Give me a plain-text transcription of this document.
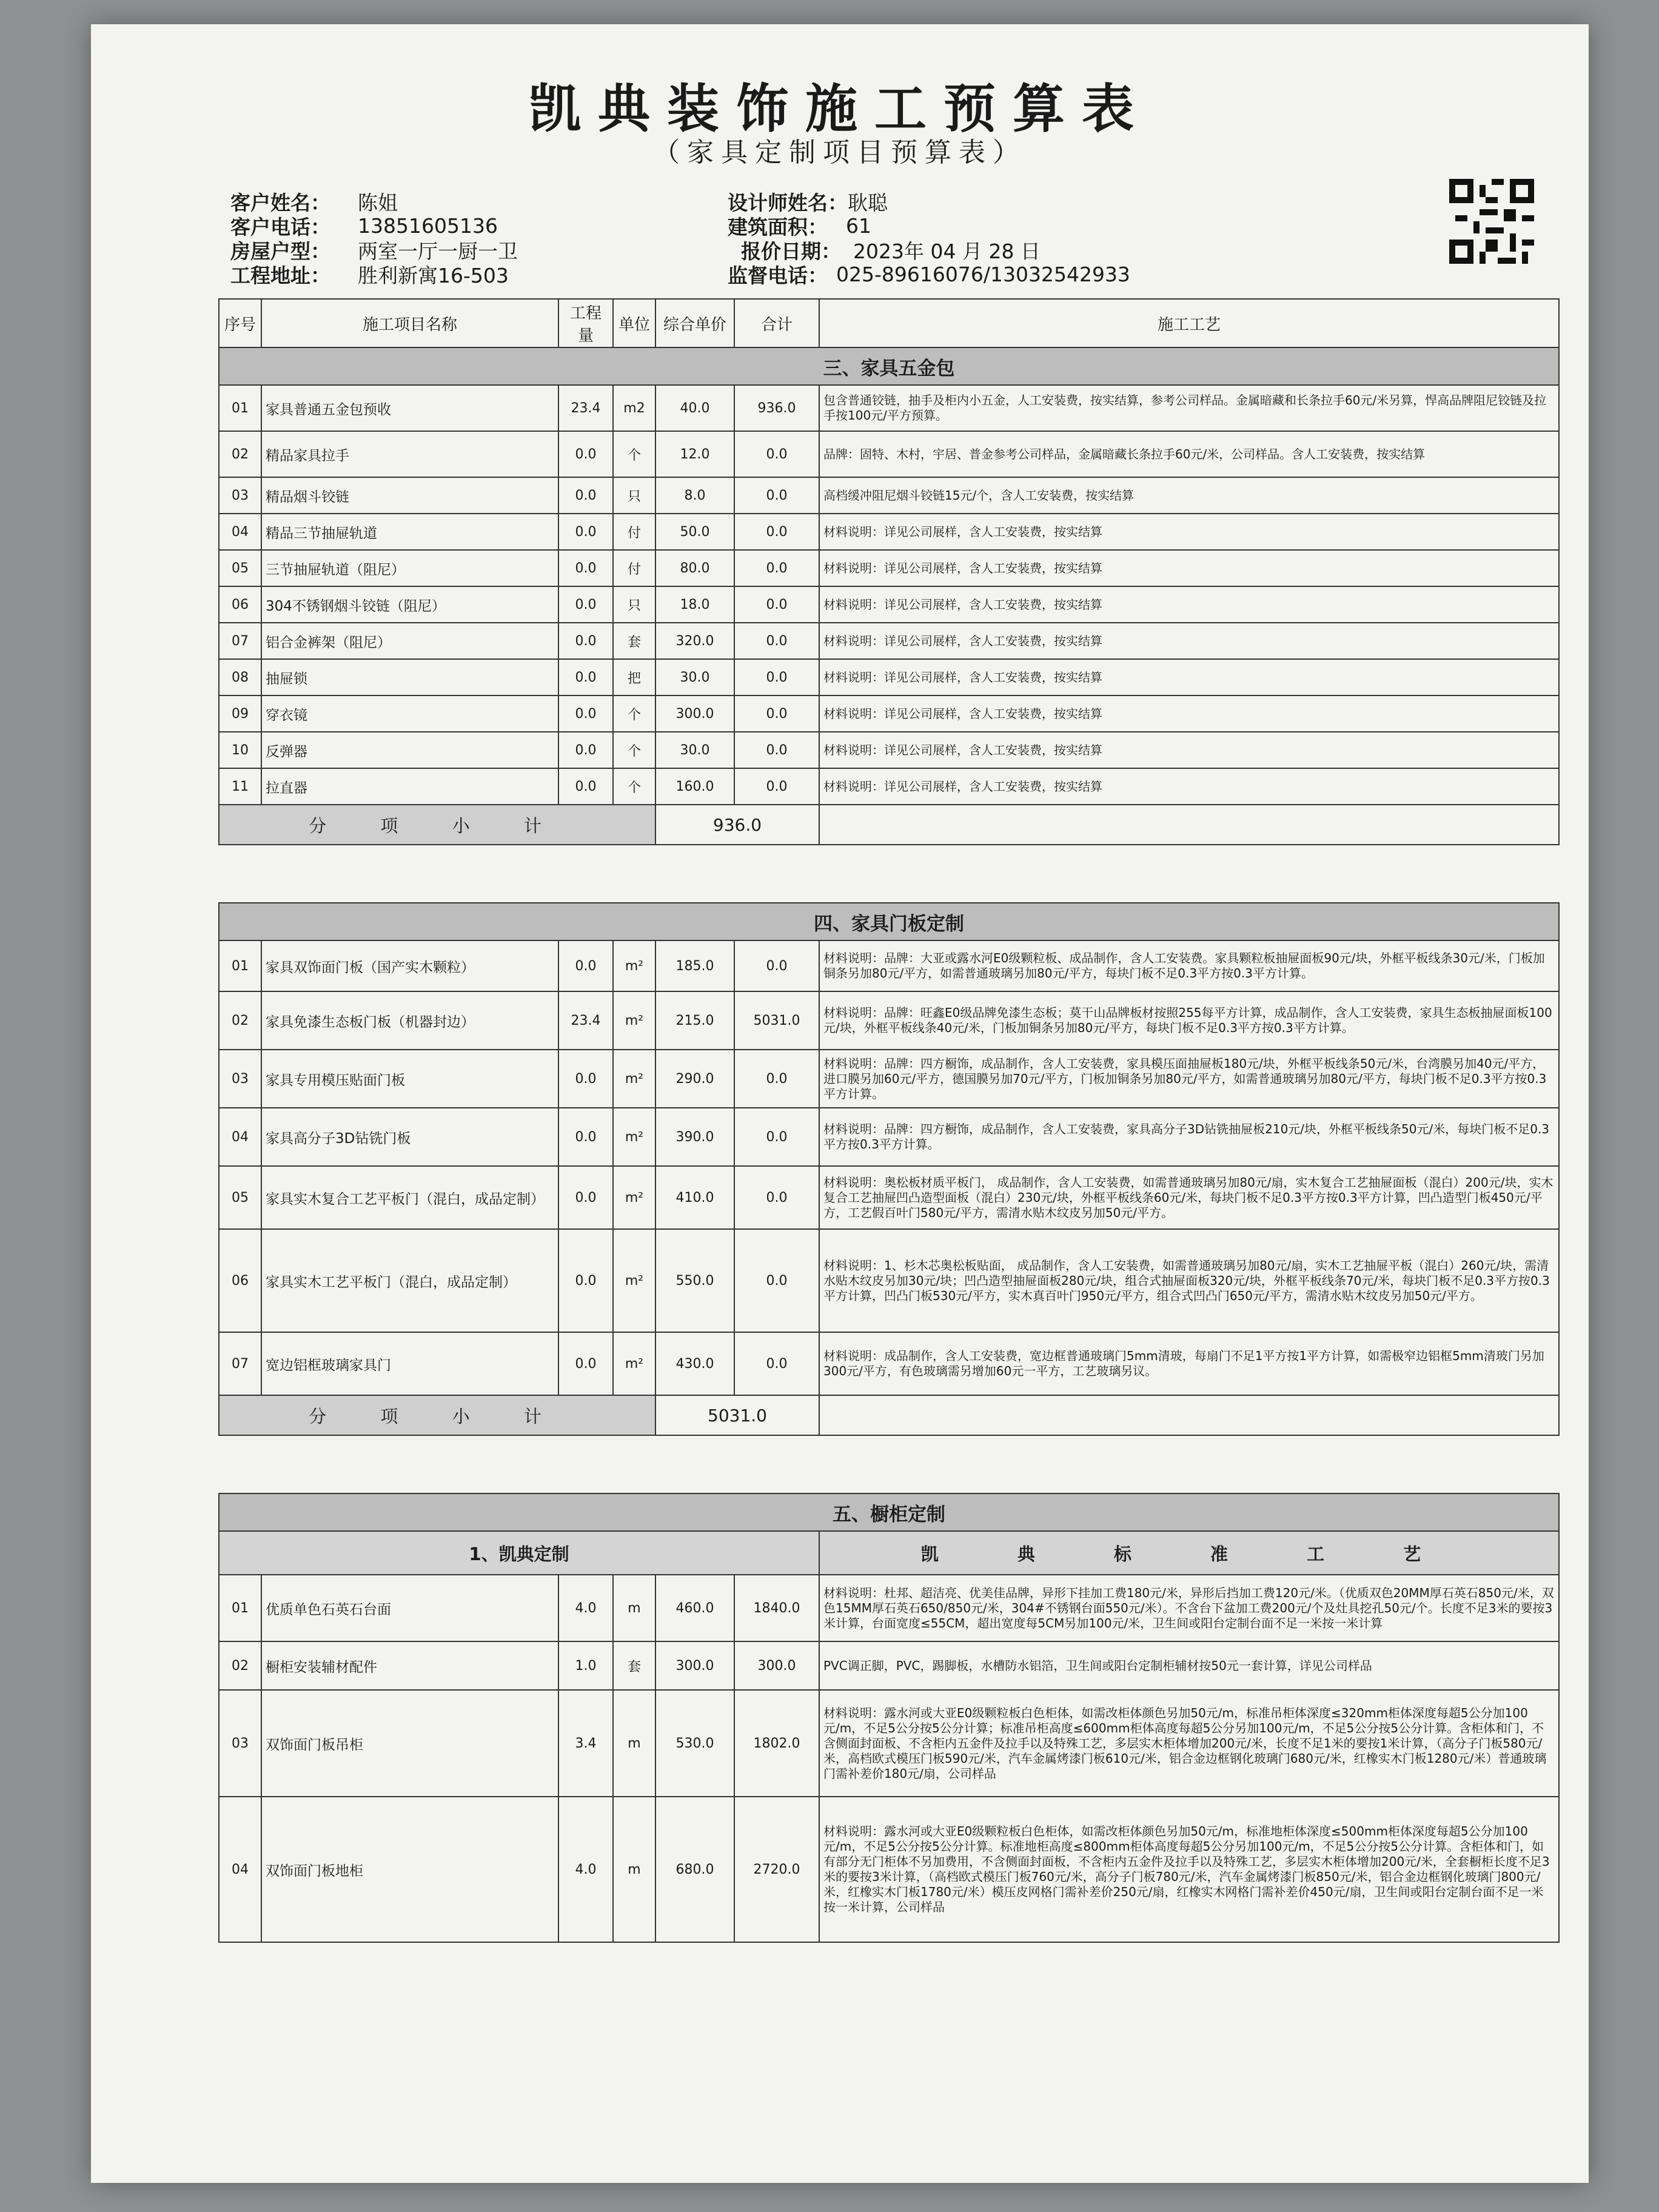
凯典装饰施工预算表
（家具定制项目预算表）
客户姓名：	陈姐	设计师姓名： 耿聪
客户电话：	13851605136	建筑面积： 61
房屋户型：	两室一厅一厨一卫	报价日期： 2023年 04 月 28 日
工程地址：	胜利新寓16-503	监督电话： 025-89616076/13032542933
序号	施工项目名称	工程量	单位	综合单价	合计	施工工艺
三、家具五金包						
01	家具普通五金包预收	23.4	m2	40.0	936.0	包含普通铰链，抽手及柜内小五金，人工安装费，按实结算，参考公司样品。金属暗藏和长条拉手60元/米另算，悍高品牌阻尼铰链及拉手按100元/平方预算。
02	精品家具拉手	0.0	个	12.0	0.0	品牌：固特、木村，宇居、普金参考公司样品，金属暗藏长条拉手60元/米，公司样品。含人工安装费，按实结算
03	精品烟斗铰链	0.0	只	8.0	0.0	高档缓冲阻尼烟斗铰链15元/个，含人工安装费，按实结算
04	精品三节抽屉轨道	0.0	付	50.0	0.0	材料说明：详见公司展样，含人工安装费，按实结算
05	三节抽屉轨道（阻尼）	0.0	付	80.0	0.0	材料说明：详见公司展样，含人工安装费，按实结算
06	304不锈钢烟斗铰链（阻尼）	0.0	只	18.0	0.0	材料说明：详见公司展样，含人工安装费，按实结算
07	铝合金裤架（阻尼）	0.0	套	320.0	0.0	材料说明：详见公司展样，含人工安装费，按实结算
08	抽屉锁	0.0	把	30.0	0.0	材料说明：详见公司展样，含人工安装费，按实结算
09	穿衣镜	0.0	个	300.0	0.0	材料说明：详见公司展样，含人工安装费，按实结算
10	反弹器	0.0	个	30.0	0.0	材料说明：详见公司展样，含人工安装费，按实结算
11	拉直器	0.0	个	160.0	0.0	材料说明：详见公司展样，含人工安装费，按实结算
分 项 小 计				936.0		

四、家具门板定制						
01	家具双饰面门板（国产实木颗粒）	0.0	m²	185.0	0.0	材料说明：品牌：大亚或露水河E0级颗粒板、成品制作，含人工安装费。家具颗粒板抽屉面板90元/块，外框平板线条30元/米，门板加铜条另加80元/平方，如需普通玻璃另加80元/平方，每块门板不足0.3平方按0.3平方计算。
02	家具免漆生态板门板（机器封边）	23.4	m²	215.0	5031.0	材料说明：品牌：旺鑫E0级品牌免漆生态板；莫干山品牌板材按照255每平方计算，成品制作，含人工安装费，家具生态板抽屉面板100元/块，外框平板线条40元/米，门板加铜条另加80元/平方，每块门板不足0.3平方按0.3平方计算。
03	家具专用模压贴面门板	0.0	m²	290.0	0.0	材料说明：品牌：四方橱饰，成品制作，含人工安装费，家具模压面抽屉板180元/块，外框平板线条50元/米，台湾膜另加40元/平方，进口膜另加60元/平方，德国膜另加70元/平方，门板加铜条另加80元/平方，如需普通玻璃另加80元/平方，每块门板不足0.3平方按0.3平方计算。
04	家具高分子3D钻铣门板	0.0	m²	390.0	0.0	材料说明：品牌：四方橱饰，成品制作，含人工安装费，家具高分子3D钻铣抽屉板210元/块，外框平板线条50元/米，每块门板不足0.3平方按0.3平方计算。
05	家具实木复合工艺平板门（混白，成品定制）	0.0	m²	410.0	0.0	材料说明：奥松板材质平板门， 成品制作，含人工安装费，如需普通玻璃另加80元/扇，实木复合工艺抽屉面板（混白）200元/块，实木复合工艺抽屉凹凸造型面板（混白）230元/块，外框平板线条60元/米，每块门板不足0.3平方按0.3平方计算，凹凸造型门板450元/平方，工艺假百叶门580元/平方，需清水贴木纹皮另加50元/平方。
06	家具实木工艺平板门（混白，成品定制）	0.0	m²	550.0	0.0	材料说明：1、杉木芯奥松板贴面， 成品制作，含人工安装费，如需普通玻璃另加80元/扇，实木工艺抽屉平板（混白）260元/块，需清水贴木纹皮另加30元/块；凹凸造型抽屉面板280元/块，组合式抽屉面板320元/块，外框平板线条70元/米，每块门板不足0.3平方按0.3平方计算，凹凸门板530元/平方，实木真百叶门950元/平方，组合式凹凸门650元/平方，需清水贴木纹皮另加50元/平方。
07	宽边铝框玻璃家具门	0.0	m²	430.0	0.0	材料说明：成品制作，含人工安装费，宽边框普通玻璃门5mm清玻，每扇门不足1平方按1平方计算，如需极窄边铝框5mm清玻门另加300元/平方，有色玻璃需另增加60元一平方，工艺玻璃另议。
分 项 小 计				5031.0		

五、橱柜定制						
1、凯典定制						凯 典 标 准 工 艺
01	优质单色石英石台面	4.0	m	460.0	1840.0	材料说明：杜邦、超洁亮、优美佳品牌，异形下挂加工费180元/米，异形后挡加工费120元/米。（优质双色20MM厚石英石850元/米，双色15MM厚石英石650/850元/米，304#不锈钢台面550元/米）。不含台下盆加工费200元/个及灶具挖孔50元/个。长度不足3米的要按3米计算，台面宽度≤55CM，超出宽度每5CM另加100元/米，卫生间或阳台定制台面不足一米按一米计算
02	橱柜安装辅材配件	1.0	套	300.0	300.0	PVC调正脚，PVC，踢脚板，水槽防水铝箔，卫生间或阳台定制柜辅材按50元一套计算，详见公司样品
03	双饰面门板吊柜	3.4	m	530.0	1802.0	材料说明：露水河或大亚E0级颗粒板白色柜体，如需改柜体颜色另加50元/m，标准吊柜体深度≤320mm柜体深度每超5公分加100元/m，不足5公分按5公分计算；标准吊柜高度≤600mm柜体高度每超5公分另加100元/m，不足5公分按5公分计算。含柜体和门，不含侧面封面板、不含柜内五金件及拉手以及特殊工艺，多层实木柜体增加200元/米，长度不足1米的要按1米计算，（高分子门板580元/米，高档欧式模压门板590元/米，汽车金属烤漆门板610元/米，铝合金边框钢化玻璃门680元/米，红橡实木门板1280元/米）普通玻璃门需补差价180元/扇，公司样品
04	双饰面门板地柜	4.0	m	680.0	2720.0	材料说明：露水河或大亚E0级颗粒板白色柜体，如需改柜体颜色另加50元/m，标准地柜体深度≤500mm柜体深度每超5公分加100元/m，不足5公分按5公分计算。标准地柜高度≤800mm柜体高度每超5公分另加100元/m，不足5公分按5公分计算。含柜体和门，如有部分无门柜体不另加费用，不含侧面封面板，不含柜内五金件及拉手以及特殊工艺，多层实木柜体增加200元/米，全套橱柜长度不足3米的要按3米计算，（高档欧式模压门板760元/米，高分子门板780元/米，汽车金属烤漆门板850元/米，铝合金边框钢化玻璃门800元/米，红橡实木门板1780元/米）模压皮网格门需补差价250元/扇，红橡实木网格门需补差价450元/扇，卫生间或阳台定制台面不足一米按一米计算，公司样品
